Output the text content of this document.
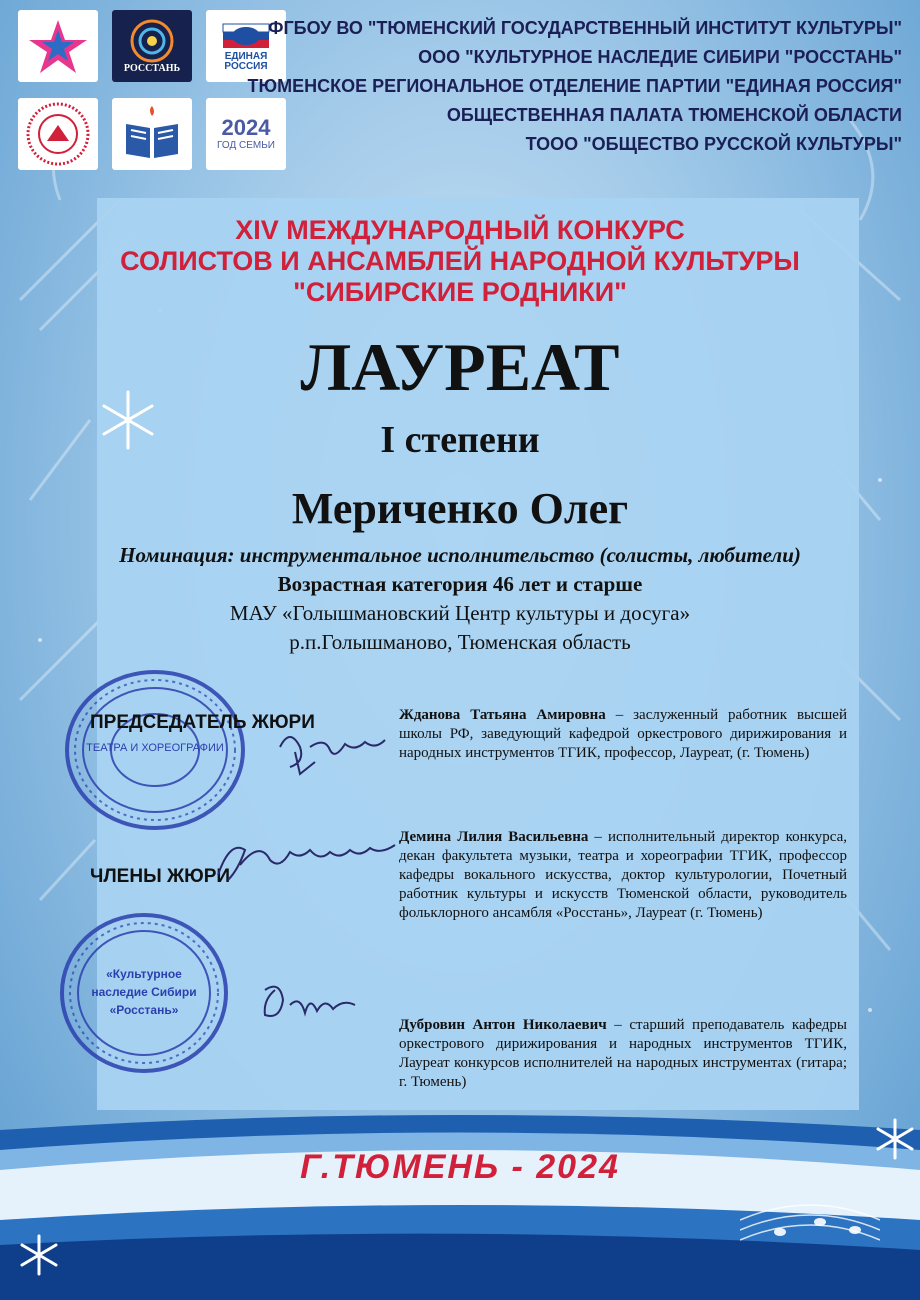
РОССТАНЬ
ЕДИНАЯ РОССИЯ
2024
ГОД СЕМЬИ
ФГБОУ ВО "ТЮМЕНСКИЙ ГОСУДАРСТВЕННЫЙ ИНСТИТУТ КУЛЬТУРЫ"
ООО "КУЛЬТУРНОЕ НАСЛЕДИЕ СИБИРИ "РОССТАНЬ"
ТЮМЕНСКОЕ РЕГИОНАЛЬНОЕ ОТДЕЛЕНИЕ ПАРТИИ "ЕДИНАЯ РОССИЯ"
ОБЩЕСТВЕННАЯ ПАЛАТА ТЮМЕНСКОЙ ОБЛАСТИ
ТООО "ОБЩЕСТВО РУССКОЙ КУЛЬТУРЫ"
XIV МЕЖДУНАРОДНЫЙ КОНКУРС
СОЛИСТОВ И АНСАМБЛЕЙ НАРОДНОЙ КУЛЬТУРЫ
"СИБИРСКИЕ РОДНИКИ"
ЛАУРЕАТ
I степени
Мериченко Олег
Номинация: инструментальное исполнительство (солисты, любители)
Возрастная категория 46 лет и старше
МАУ «Голышмановский Центр культуры и досуга»
р.п.Голышманово, Тюменская область
ТЕАТРА И ХОРЕОГРАФИИ
ПРЕДСЕДАТЕЛЬ ЖЮРИ	Жданова Татьяна Амировна – заслуженный работник высшей школы РФ, заведующий кафедрой оркестрового дирижирования и народных инструментов ТГИК, профессор, Лауреат, (г. Тюмень)
ЧЛЕНЫ ЖЮРИ
Демина Лилия Васильевна – исполнительный директор конкурса, декан факультета музыки, театра и хореографии ТГИК, профессор кафедры вокального искусства, доктор культурологии, Почетный работник культуры и искусств Тюменской области, руководитель фольклорного ансамбля «Росстань», Лауреат (г. Тюмень)
«Культурное
наследие Сибири
«Росстань»
Дубровин Антон Николаевич – старший преподаватель кафедры оркестрового дирижирования и народных инструментов ТГИК, Лауреат конкурсов исполнителей на народных инструментах (гитара; г. Тюмень)
Г.ТЮМЕНЬ - 2024
